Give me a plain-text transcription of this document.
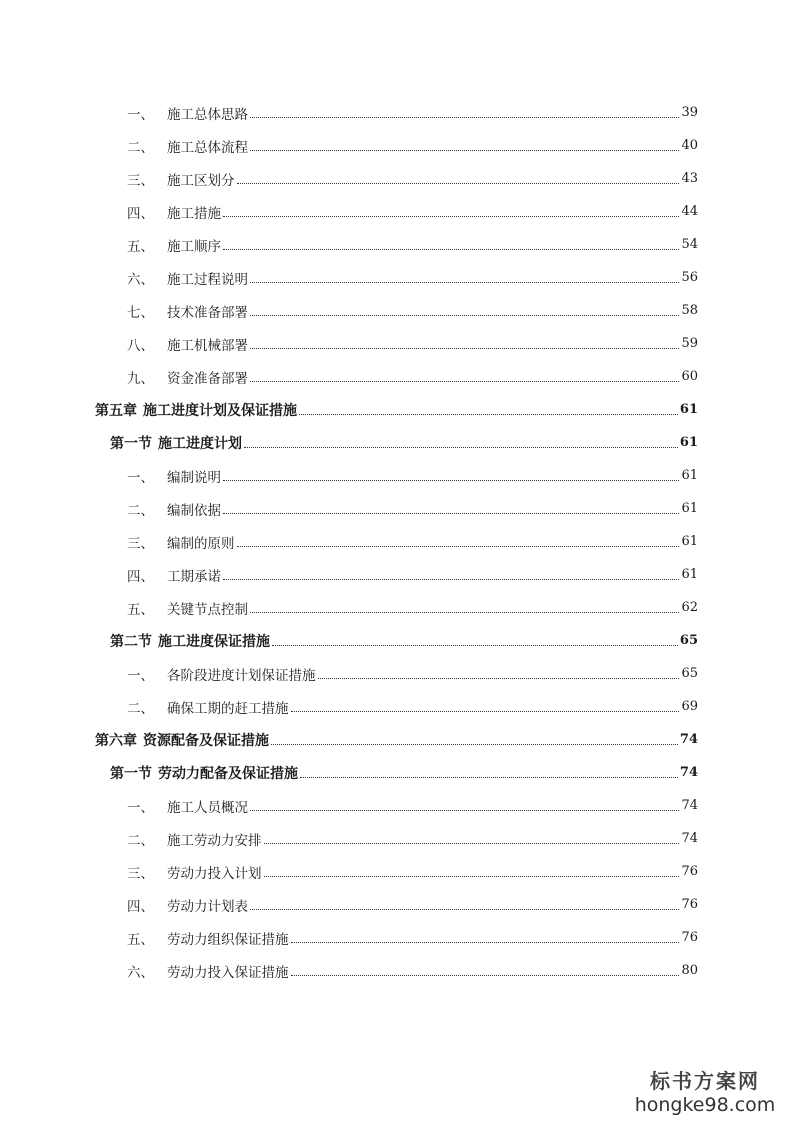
一、 施工总体思路	39
二、 施工总体流程	40
三、 施工区划分	43
四、 施工措施	44
五、 施工顺序	54
六、 施工过程说明	56
七、 技术准备部署	58
八、 施工机械部署	59
九、 资金准备部署	60
第五章 施工进度计划及保证措施	61
第一节 施工进度计划	61
一、 编制说明	61
二、 编制依据	61
三、 编制的原则	61
四、 工期承诺	61
五、 关键节点控制	62
第二节 施工进度保证措施	65
一、 各阶段进度计划保证措施	65
二、 确保工期的赶工措施	69
第六章 资源配备及保证措施	74
第一节 劳动力配备及保证措施	74
一、 施工人员概况	74
二、 施工劳动力安排	74
三、 劳动力投入计划	76
四、 劳动力计划表	76
五、 劳动力组织保证措施	76
六、 劳动力投入保证措施	80
标书方案网
hongke98.com
